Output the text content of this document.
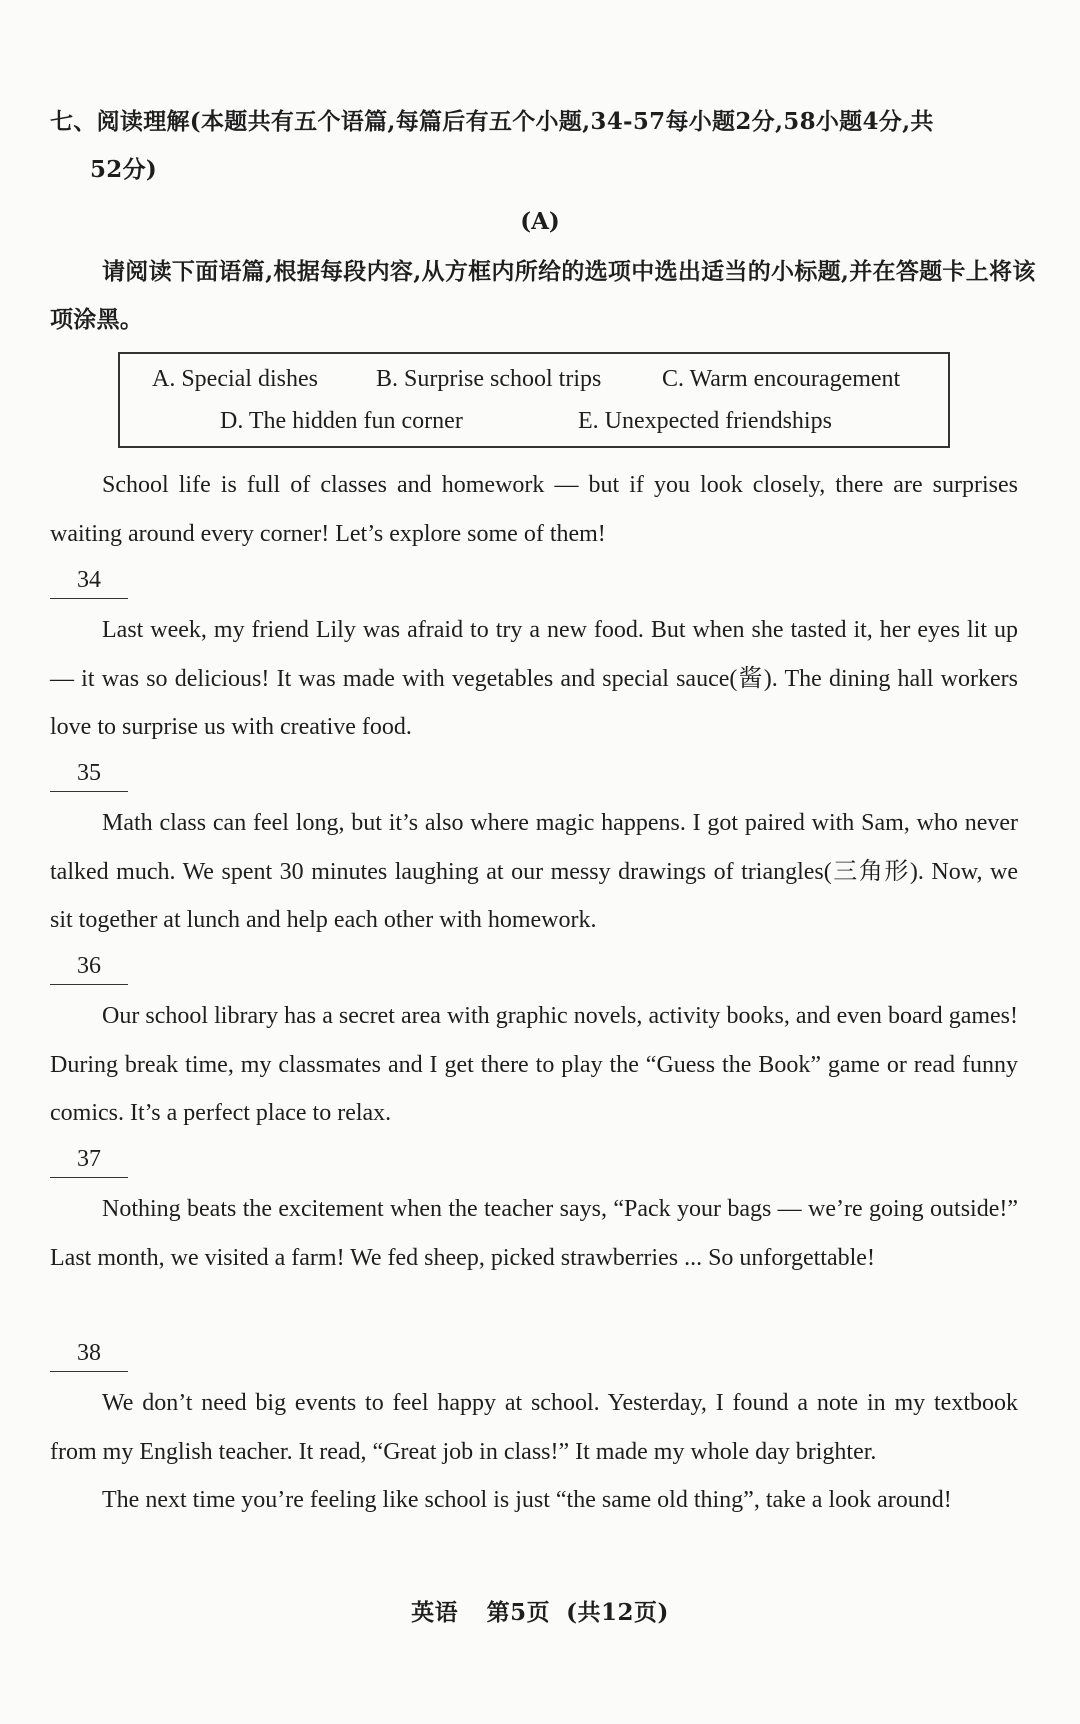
七、阅读理解(本题共有五个语篇,每篇后有五个小题,34-57每小题2分,58小题4分,共
52分)
(A)
请阅读下面语篇,根据每段内容,从方框内所给的选项中选出适当的小标题,并在答题卡上将该项涂黑。
A. Special dishes B. Surprise school trips	C. Warm encouragement
D. The hidden fun corner	E. Unexpected friendships

School life is full of classes and homework — but if you look closely, there are surprises waiting around every corner! Let’s explore some of them!

34

Last week, my friend Lily was afraid to try a new food. But when she tasted it, her eyes lit up — it was so delicious! It was made with vegetables and special sauce(酱). The dining hall workers love to surprise us with creative food.

35

Math class can feel long, but it’s also where magic happens. I got paired with Sam, who never talked much. We spent 30 minutes laughing at our messy drawings of triangles(三角形). Now, we sit together at lunch and help each other with homework.

36

Our school library has a secret area with graphic novels, activity books, and even board games! During break time, my classmates and I get there to play the “Guess the Book” game or read funny comics. It’s a perfect place to relax.

37

Nothing beats the excitement when the teacher says, “Pack your bags — we’re going outside!” Last month, we visited a farm! We fed sheep, picked strawberries ... So unforgettable!

38

We don’t need big events to feel happy at school. Yesterday, I found a note in my textbook from my English teacher. It read, “Great job in class!” It made my whole day brighter.

The next time you’re feeling like school is just “the same old thing”, take a look around!

英语 第5页 (共12页)
